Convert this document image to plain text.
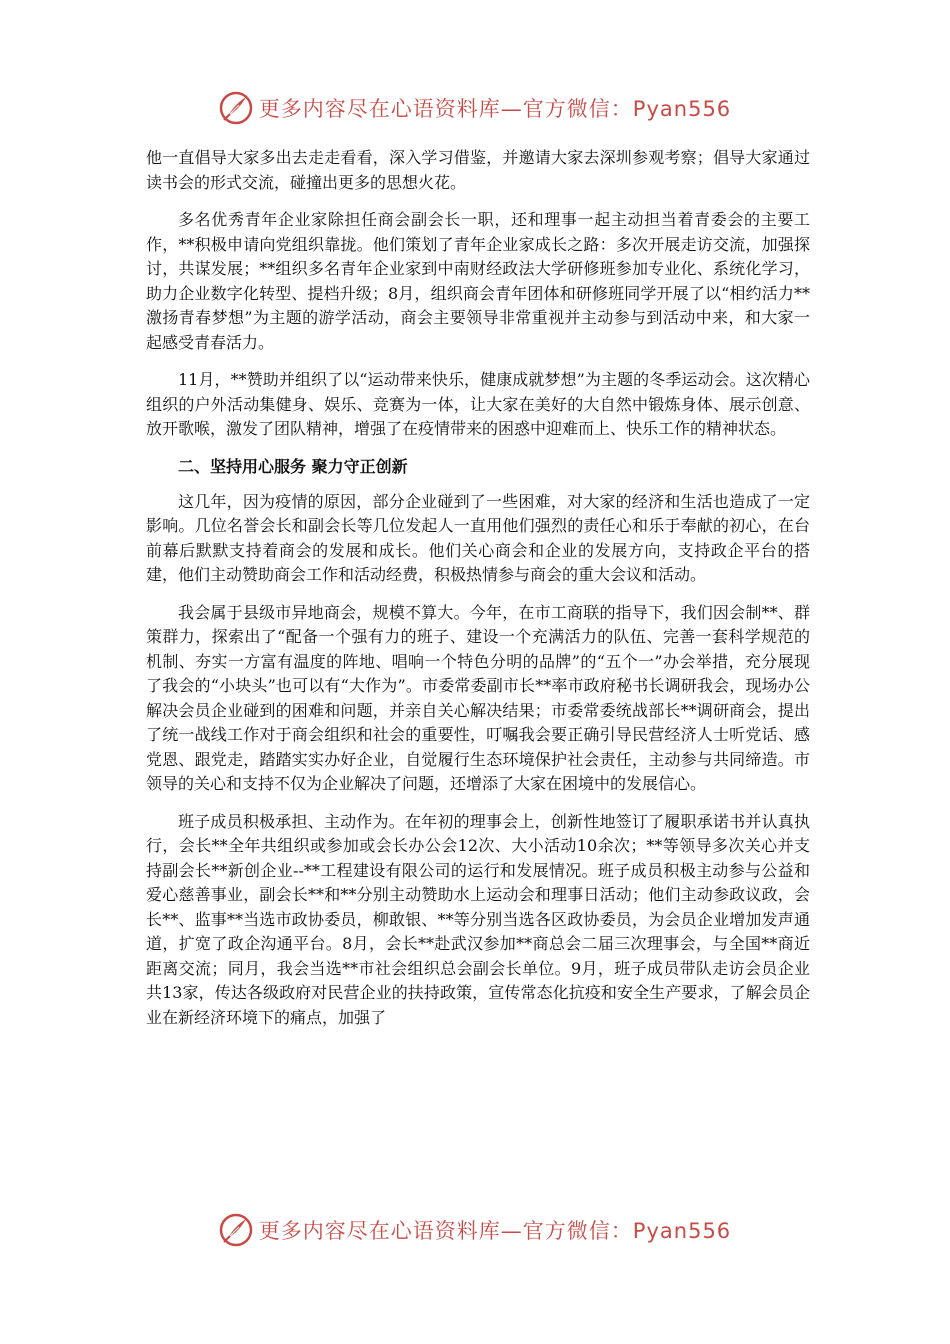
更多内容尽在心语资料库—官方微信：Pyan556

他一直倡导大家多出去走走看看，深入学习借鉴，并邀请大家去深圳参观考察；倡导大家通过读书会的形式交流，碰撞出更多的思想火花。

多名优秀青年企业家除担任商会副会长一职，还和理事一起主动担当着青委会的主要工作，**积极申请向党组织靠拢。他们策划了青年企业家成长之路：多次开展走访交流，加强探讨，共谋发展；**组织多名青年企业家到中南财经政法大学研修班参加专业化、系统化学习，助力企业数字化转型、提档升级；8月，组织商会青年团体和研修班同学开展了以“相约活力** 激扬青春梦想”为主题的游学活动，商会主要领导非常重视并主动参与到活动中来，和大家一起感受青春活力。

11月，**赞助并组织了以“运动带来快乐，健康成就梦想”为主题的冬季运动会。这次精心组织的户外活动集健身、娱乐、竞赛为一体，让大家在美好的大自然中锻炼身体、展示创意、放开歌喉，激发了团队精神，增强了在疫情带来的困惑中迎难而上、快乐工作的精神状态。

二、坚持用心服务 聚力守正创新

这几年，因为疫情的原因，部分企业碰到了一些困难，对大家的经济和生活也造成了一定影响。几位名誉会长和副会长等几位发起人一直用他们强烈的责任心和乐于奉献的初心，在台前幕后默默支持着商会的发展和成长。他们关心商会和企业的发展方向，支持政企平台的搭建，他们主动赞助商会工作和活动经费，积极热情参与商会的重大会议和活动。

我会属于县级市异地商会，规模不算大。今年，在市工商联的指导下，我们因会制**、群策群力，探索出了“配备一个强有力的班子、建设一个充满活力的队伍、完善一套科学规范的机制、夯实一方富有温度的阵地、唱响一个特色分明的品牌”的“五个一”办会举措，充分展现了我会的“小块头”也可以有“大作为”。市委常委副市长**率市政府秘书长调研我会，现场办公解决会员企业碰到的困难和问题，并亲自关心解决结果；市委常委统战部长**调研商会，提出了统一战线工作对于商会组织和社会的重要性，叮嘱我会要正确引导民营经济人士听党话、感党恩、跟党走，踏踏实实办好企业，自觉履行生态环境保护社会责任，主动参与共同缔造。市领导的关心和支持不仅为企业解决了问题，还增添了大家在困境中的发展信心。

班子成员积极承担、主动作为。在年初的理事会上，创新性地签订了履职承诺书并认真执行，会长**全年共组织或参加或会长办公会12次、大小活动10余次；**等领导多次关心并支持副会长**新创企业--**工程建设有限公司的运行和发展情况。班子成员积极主动参与公益和爱心慈善事业，副会长**和**分别主动赞助水上运动会和理事日活动；他们主动参政议政，会长**、监事**当选市政协委员，柳敢银、**等分别当选各区政协委员，为会员企业增加发声通道，扩宽了政企沟通平台。8月，会长**赴武汉参加**商总会二届三次理事会，与全国**商近距离交流；同月，我会当选**市社会组织总会副会长单位。9月，班子成员带队走访会员企业共13家，传达各级政府对民营企业的扶持政策，宣传常态化抗疫和安全生产要求，了解会员企业在新经济环境下的痛点，加强了

更多内容尽在心语资料库—官方微信：Pyan556
